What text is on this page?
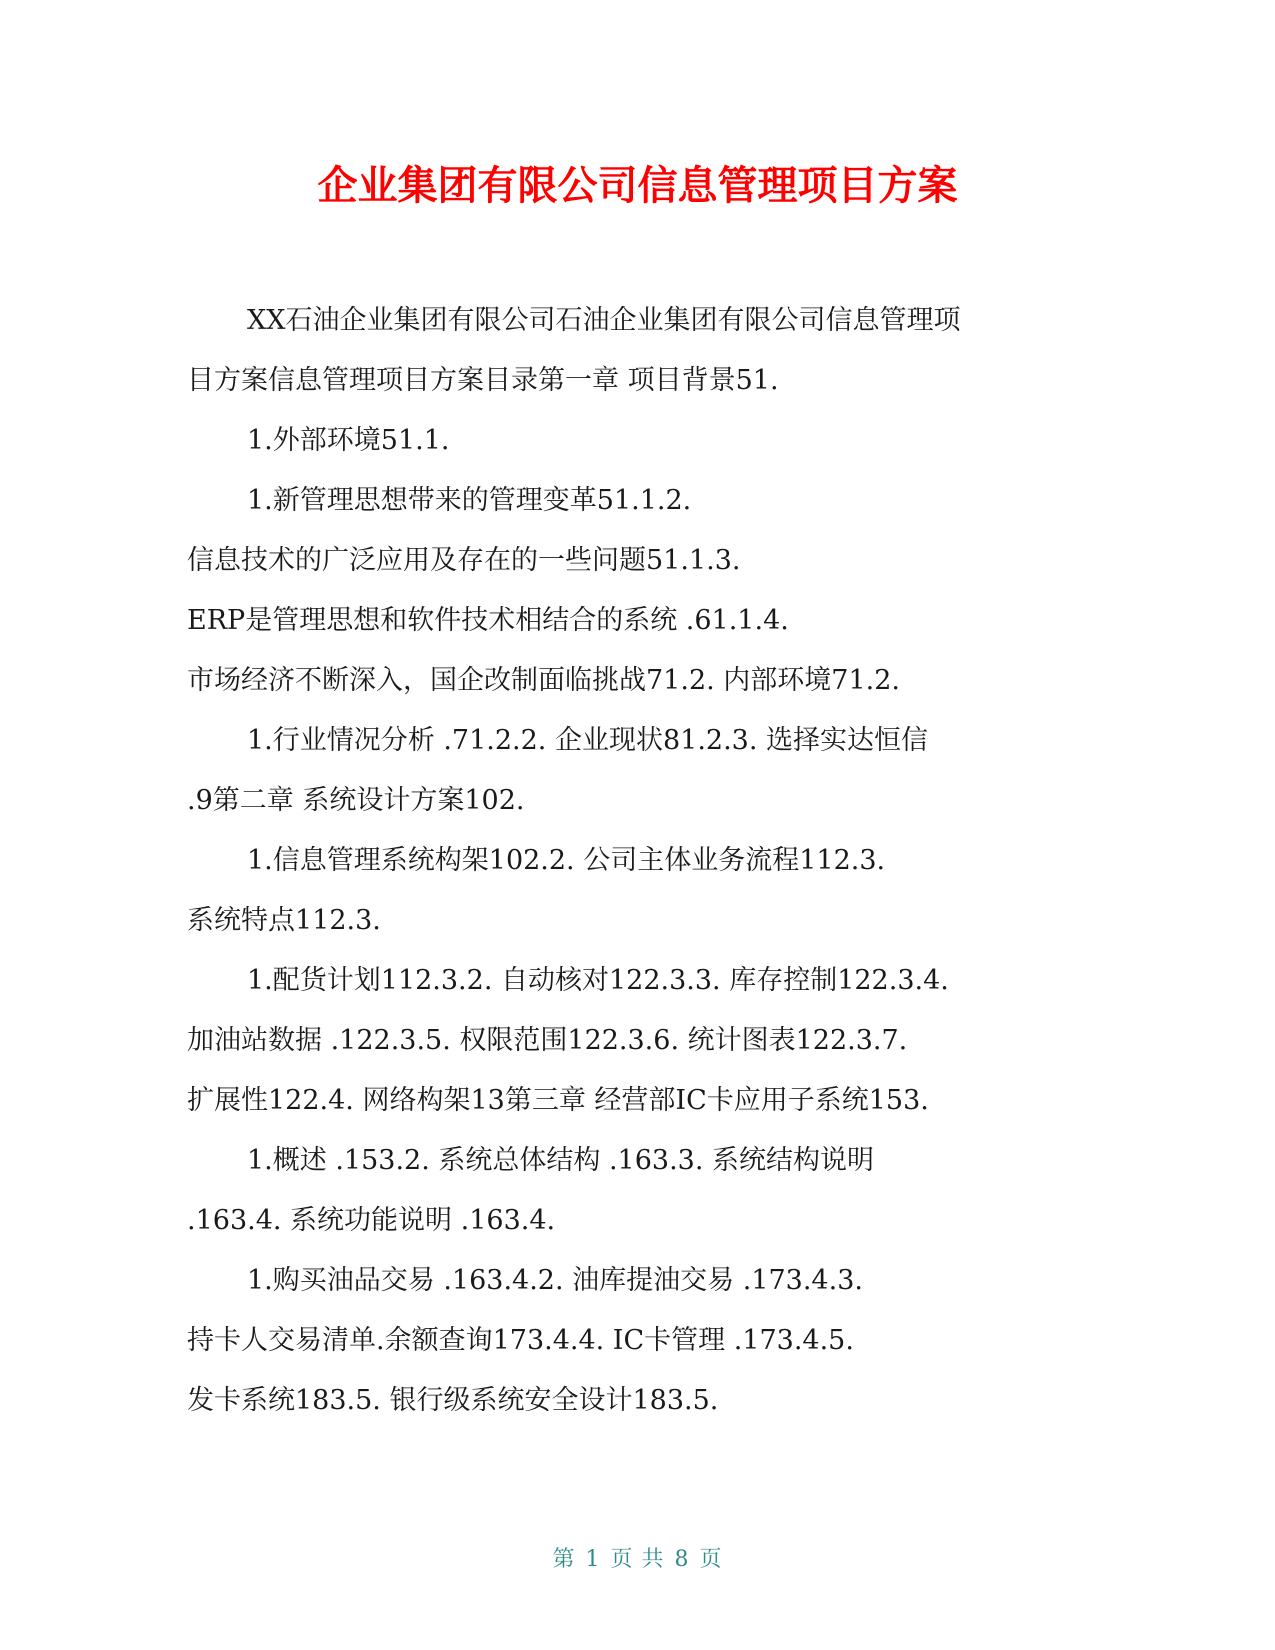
企业集团有限公司信息管理项目方案
XX石油企业集团有限公司石油企业集团有限公司信息管理项
目方案信息管理项目方案目录第一章 项目背景51.
1.外部环境51.1.
1.新管理思想带来的管理变革51.1.2.
信息技术的广泛应用及存在的一些问题51.1.3.
ERP是管理思想和软件技术相结合的系统 .61.1.4.
市场经济不断深入，国企改制面临挑战71.2. 内部环境71.2.
1.行业情况分析 .71.2.2. 企业现状81.2.3. 选择实达恒信
.9第二章 系统设计方案102.
1.信息管理系统构架102.2. 公司主体业务流程112.3.
系统特点112.3.
1.配货计划112.3.2. 自动核对122.3.3. 库存控制122.3.4.
加油站数据 .122.3.5. 权限范围122.3.6. 统计图表122.3.7.
扩展性122.4. 网络构架13第三章 经营部IC卡应用子系统153.
1.概述 .153.2. 系统总体结构 .163.3. 系统结构说明
.163.4. 系统功能说明 .163.4.
1.购买油品交易 .163.4.2. 油库提油交易 .173.4.3.
持卡人交易清单.余额查询173.4.4. IC卡管理 .173.4.5.
发卡系统183.5. 银行级系统安全设计183.5.
第 1 页 共 8 页
